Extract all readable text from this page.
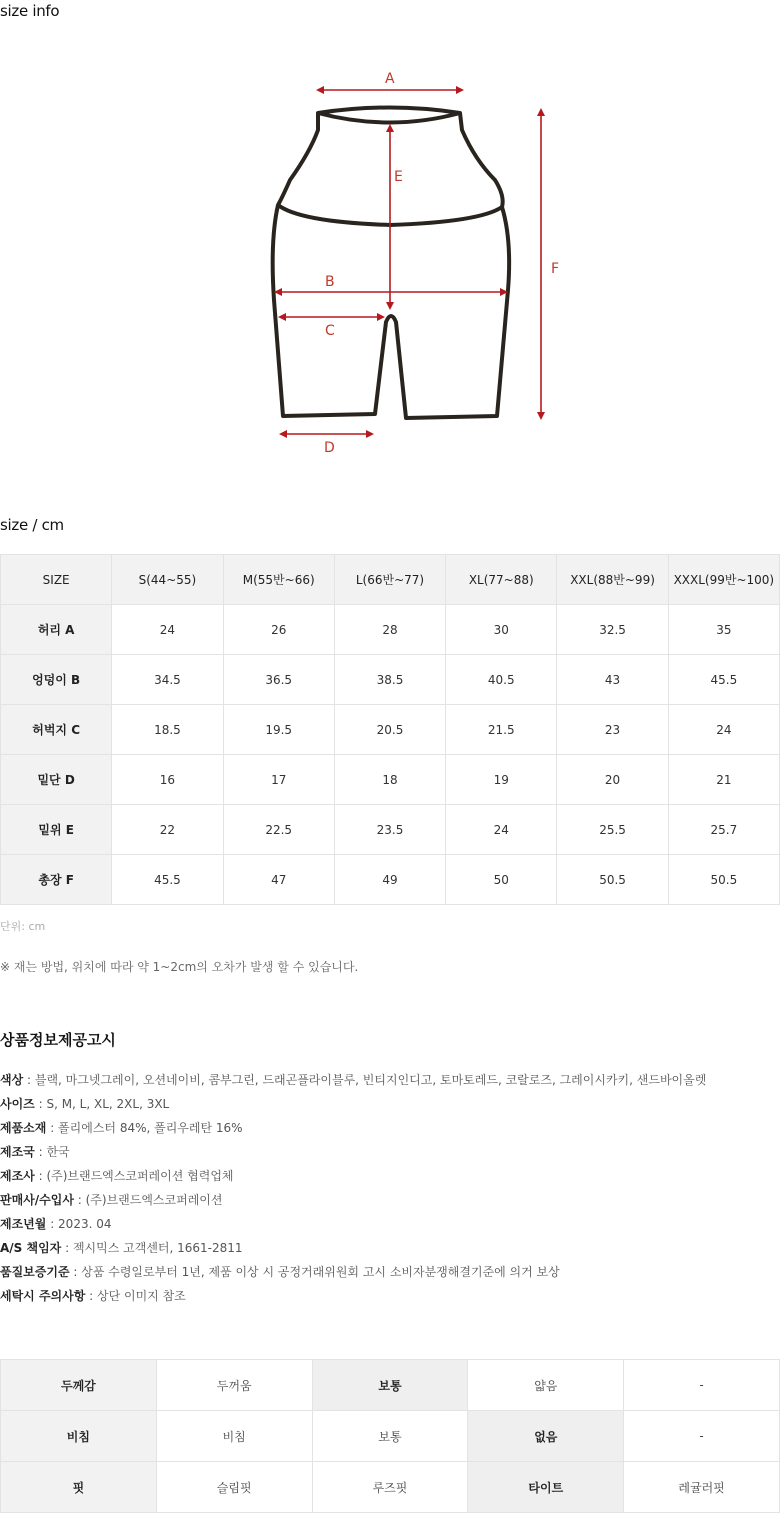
size info
A
B
C
D
E
F
size / cm
SIZE	S(44~55)	M(55반~66)	L(66반~77)	XL(77~88)	XXL(88반~99)	XXXL(99반~100)
허리 A	24	26	28	30	32.5	35
엉덩이 B	34.5	36.5	38.5	40.5	43	45.5
허벅지 C	18.5	19.5	20.5	21.5	23	24
밑단 D	16	17	18	19	20	21
밑위 E	22	22.5	23.5	24	25.5	25.7
총장 F	45.5	47	49	50	50.5	50.5
단위: cm
※ 재는 방법, 위치에 따라 약 1~2cm의 오차가 발생 할 수 있습니다.
상품정보제공고시
색상 : 블랙, 마그넷그레이, 오션네이비, 콤부그린, 드래곤플라이블루, 빈티지인디고, 토마토레드, 코랄로즈, 그레이시카키, 샌드바이올렛
사이즈 : S, M, L, XL, 2XL, 3XL
제품소재 : 폴리에스터 84%, 폴리우레탄 16%
제조국 : 한국
제조사 : (주)브랜드엑스코퍼레이션 협력업체
판매사/수입사 : (주)브랜드엑스코퍼레이션
제조년월 : 2023. 04
A/S 책임자 : 젝시믹스 고객센터, 1661-2811
품질보증기준 : 상품 수령일로부터 1년, 제품 이상 시 공정거래위원회 고시 소비자분쟁해결기준에 의거 보상
세탁시 주의사항 : 상단 이미지 참조
두께감	두꺼움	보통	얇음	-
비침	비침	보통	없음	-
핏	슬림핏	루즈핏	타이트	레귤러핏
